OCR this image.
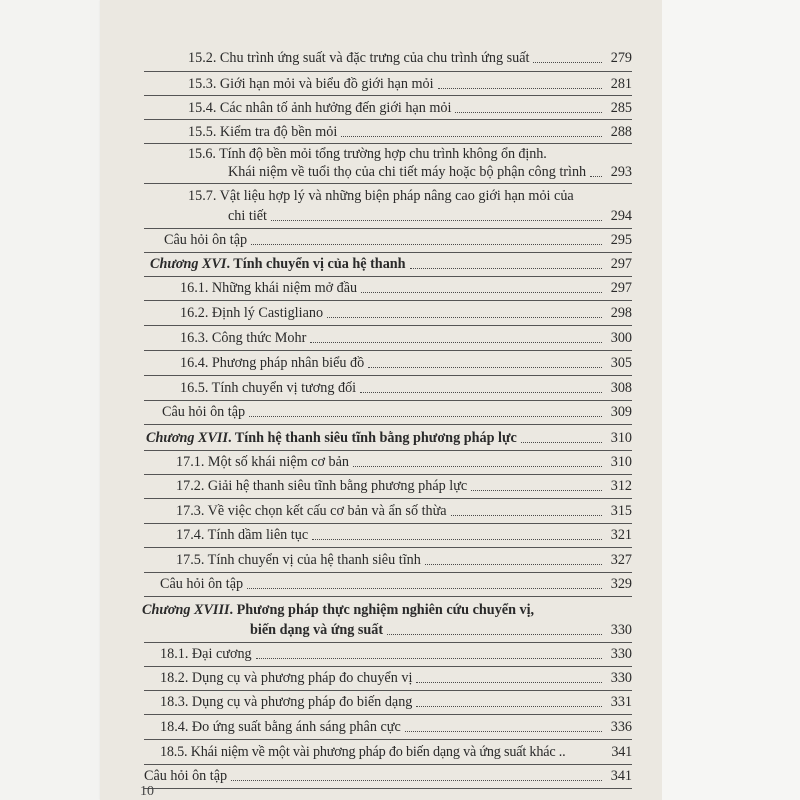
15.2. Chu trình ứng suất và đặc trưng của chu trình ứng suất	279
15.3. Giới hạn mỏi và biểu đồ giới hạn mỏi	281
15.4. Các nhân tố ảnh hưởng đến giới hạn mỏi	285
15.5. Kiểm tra độ bền mỏi	288
15.6. Tính độ bền mỏi tổng trường hợp chu trình không ổn định.
Khái niệm về tuổi thọ của chi tiết máy hoặc bộ phận công trình	293
15.7. Vật liệu hợp lý và những biện pháp nâng cao giới hạn mỏi của
chi tiết	294
Câu hỏi ôn tập	295
Chương XVI. Tính chuyển vị của hệ thanh	297
16.1. Những khái niệm mở đầu	297
16.2. Định lý Castigliano	298
16.3. Công thức Mohr	300
16.4. Phương pháp nhân biểu đồ	305
16.5. Tính chuyển vị tương đối	308
Câu hỏi ôn tập	309
Chương XVII. Tính hệ thanh siêu tĩnh bằng phương pháp lực	310
17.1. Một số khái niệm cơ bản	310
17.2. Giải hệ thanh siêu tĩnh bằng phương pháp lực	312
17.3. Về việc chọn kết cấu cơ bản và ẩn số thừa	315
17.4. Tính dầm liên tục	321
17.5. Tính chuyển vị của hệ thanh siêu tĩnh	327
Câu hỏi ôn tập	329
Chương XVIII. Phương pháp thực nghiệm nghiên cứu chuyển vị,
biến dạng và ứng suất	330
18.1. Đại cương	330
18.2. Dụng cụ và phương pháp đo chuyển vị	330
18.3. Dụng cụ và phương pháp đo biến dạng	331
18.4. Đo ứng suất bằng ánh sáng phân cực	336
18.5. Khái niệm về một vài phương pháp đo biến dạng và ứng suất khác ..	341
Câu hỏi ôn tập	341
10
